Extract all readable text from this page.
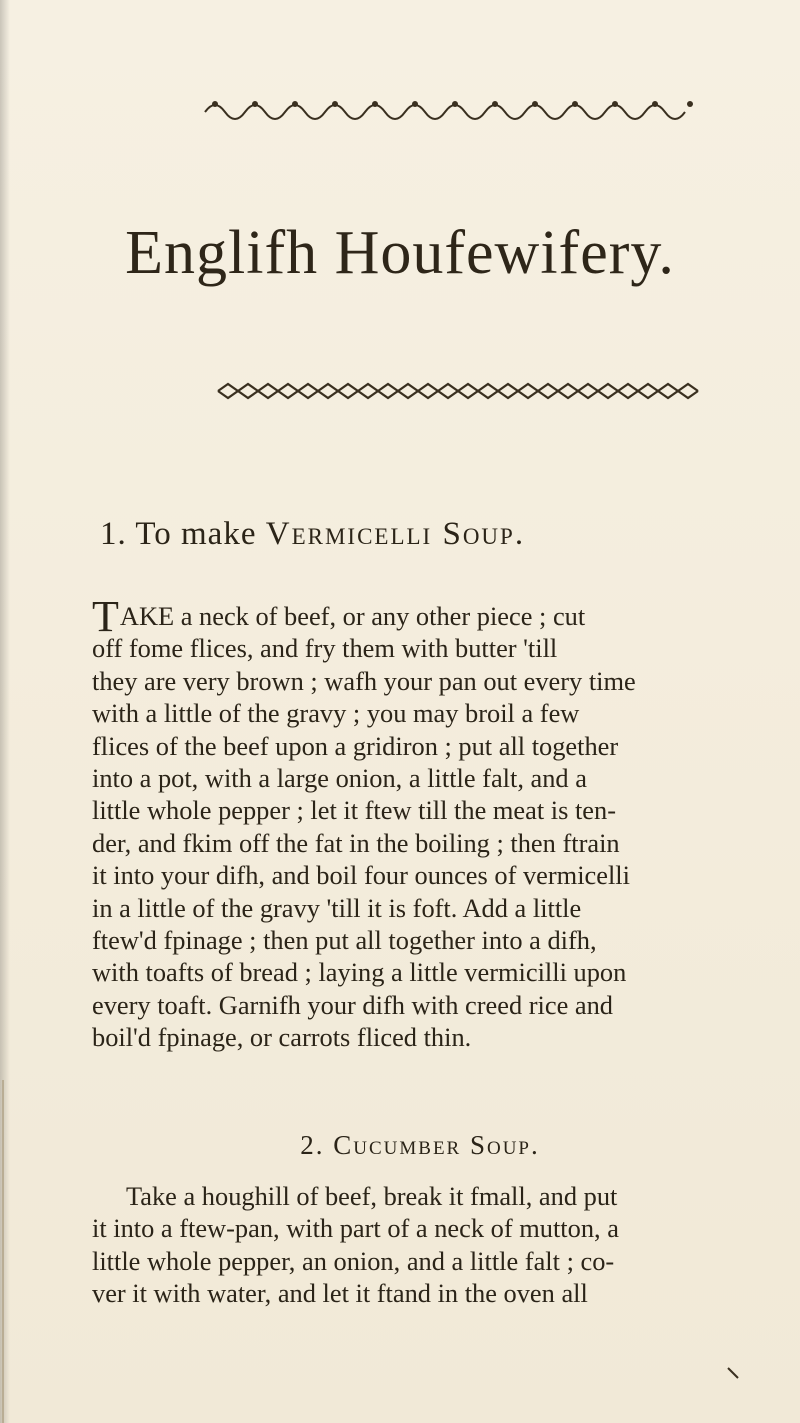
Englifh Houfewifery.
1. To make Vermicelli Soup.
TAKE a neck of beef, or any other piece ; cut
off fome flices, and fry them with butter 'till
they are very brown ; wafh your pan out every time
with a little of the gravy ; you may broil a few
flices of the beef upon a gridiron ; put all together
into a pot, with a large onion, a little falt, and a
little whole pepper ; let it ftew till the meat is ten-
der, and fkim off the fat in the boiling ; then ftrain
it into your difh, and boil four ounces of vermicelli
in a little of the gravy 'till it is foft. Add a little
ftew'd fpinage ; then put all together into a difh,
with toafts of bread ; laying a little vermicilli upon
every toaft. Garnifh your difh with creed rice and
boil'd fpinage, or carrots fliced thin.
2. Cucumber Soup.
Take a houghill of beef, break it fmall, and put
it into a ftew-pan, with part of a neck of mutton, a
little whole pepper, an onion, and a little falt ; co-
ver it with water, and let it ftand in the oven all
